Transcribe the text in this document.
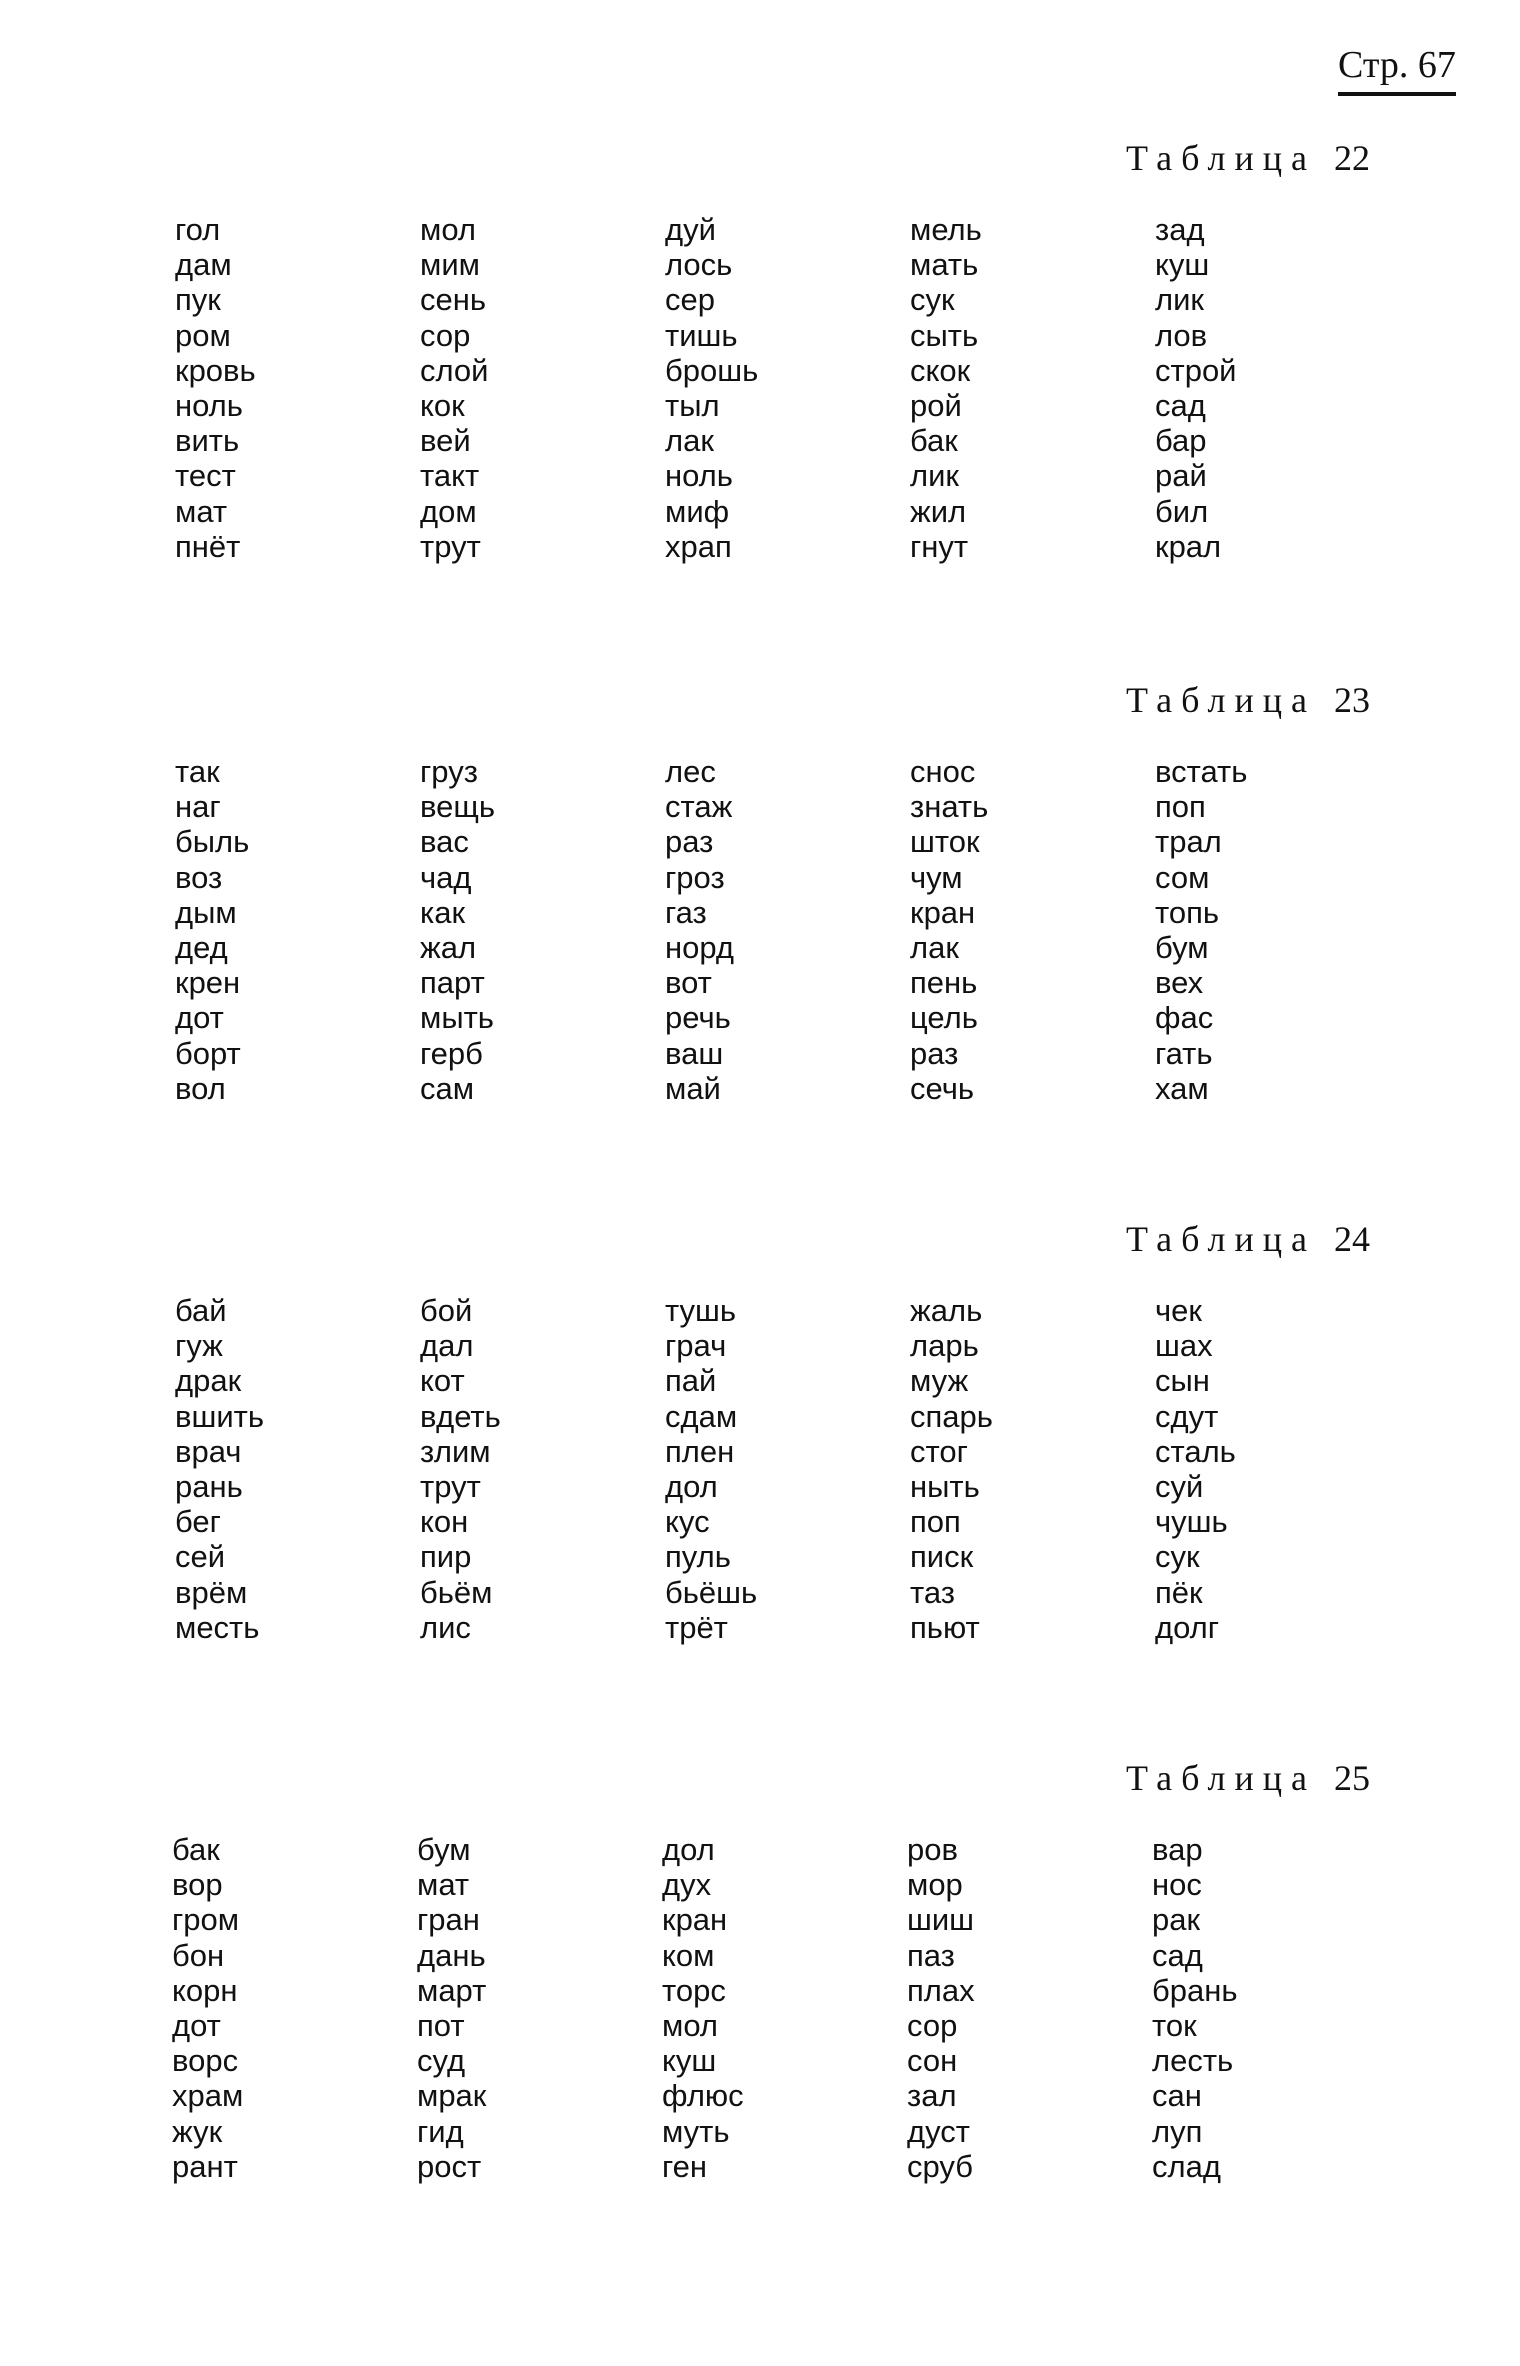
Стр. 67
Таблица 22
гол
дам
пук
ром
кровь
ноль
вить
тест
мат
пнёт
мол
мим
сень
сор
слой
кок
вей
такт
дом
трут
дуй
лось
сер
тишь
брошь
тыл
лак
ноль
миф
храп
мель
мать
сук
сыть
скок
рой
бак
лик
жил
гнут
зад
куш
лик
лов
строй
сад
бар
рай
бил
крал
Таблица 23
так
наг
быль
воз
дым
дед
крен
дот
борт
вол
груз
вещь
вас
чад
как
жал
парт
мыть
герб
сам
лес
стаж
раз
гроз
газ
норд
вот
речь
ваш
май
снос
знать
шток
чум
кран
лак
пень
цель
раз
сечь
встать
поп
трал
сом
топь
бум
вех
фас
гать
хам
Таблица 24
бай
гуж
драк
вшить
врач
рань
бег
сей
врём
месть
бой
дал
кот
вдеть
злим
трут
кон
пир
бьём
лис
тушь
грач
пай
сдам
плен
дол
кус
пуль
бьёшь
трёт
жаль
ларь
муж
спарь
стог
ныть
поп
писк
таз
пьют
чек
шах
сын
сдут
сталь
суй
чушь
сук
пёк
долг
Таблица 25
бак
вор
гром
бон
корн
дот
ворс
храм
жук
рант
бум
мат
гран
дань
март
пот
суд
мрак
гид
рост
дол
дух
кран
ком
торс
мол
куш
флюс
муть
ген
ров
мор
шиш
паз
плах
сор
сон
зал
дуст
сруб
вар
нос
рак
сад
брань
ток
лесть
сан
луп
слад
